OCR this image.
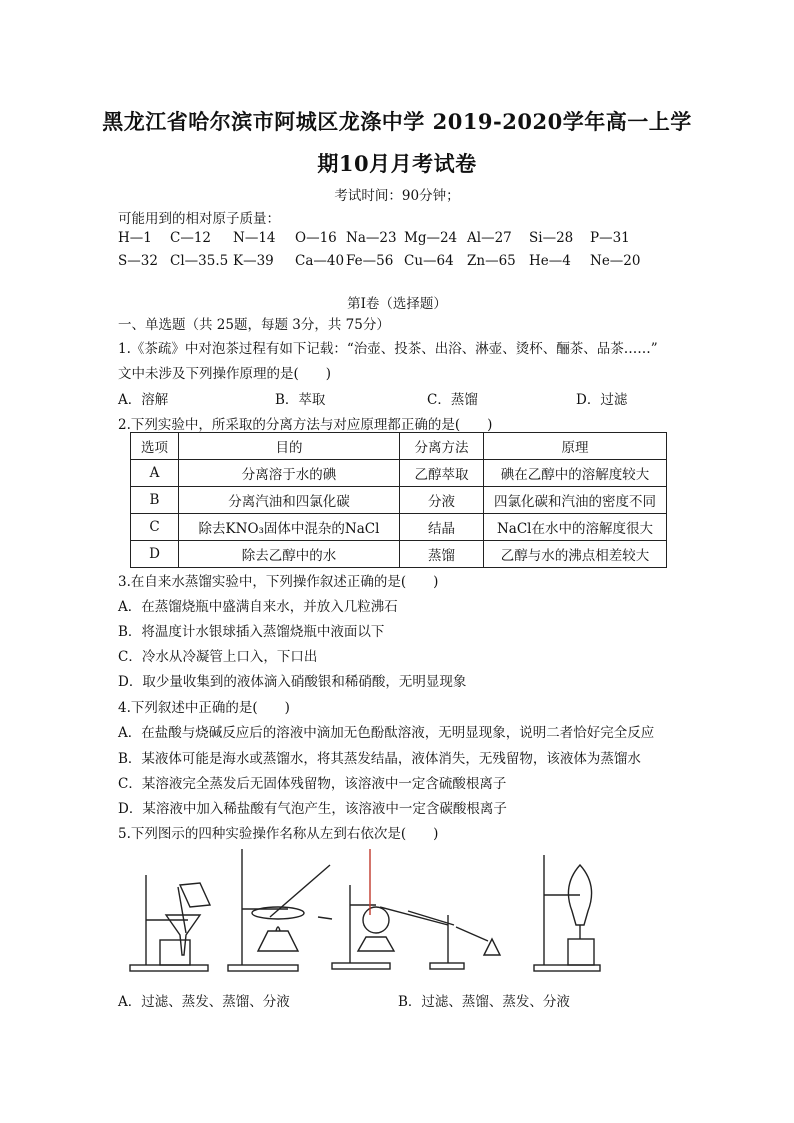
黑龙江省哈尔滨市阿城区龙涤中学 2019-2020学年高一上学
期10月月考试卷
考试时间：90分钟；
可能用到的相对原子质量：
H—1 C—12 N—14 O—16 Na—23 Mg—24 Al—27 Si—28 P—31
S—32 Cl—35.5 K—39 Ca—40 Fe—56 Cu—64 Zn—65 He—4 Ne—20
第Ⅰ卷（选择题）
一、单选题（共 25题，每题 3分，共 75分）
1.《茶疏》中对泡茶过程有如下记载：“治壶、投茶、出浴、淋壶、烫杯、酾茶、品茶……”
文中未涉及下列操作原理的是(　　)
A．溶解	B．萃取	C．蒸馏	D．过滤
2.下列实验中，所采取的分离方法与对应原理都正确的是(　　)
选项	目的	分离方法	原理
A	分离溶于水的碘	乙醇萃取	碘在乙醇中的溶解度较大
B	分离汽油和四氯化碳	分液	四氯化碳和汽油的密度不同
C	除去KNO₃固体中混杂的NaCl	结晶	NaCl在水中的溶解度很大
D	除去乙醇中的水	蒸馏	乙醇与水的沸点相差较大
3.在自来水蒸馏实验中，下列操作叙述正确的是(　　)
A．在蒸馏烧瓶中盛满自来水，并放入几粒沸石
B．将温度计水银球插入蒸馏烧瓶中液面以下
C．冷水从冷凝管上口入，下口出
D．取少量收集到的液体滴入硝酸银和稀硝酸，无明显现象
4.下列叙述中正确的是(　　)
A．在盐酸与烧碱反应后的溶液中滴加无色酚酞溶液，无明显现象，说明二者恰好完全反应
B．某液体可能是海水或蒸馏水，将其蒸发结晶，液体消失，无残留物，该液体为蒸馏水
C．某溶液完全蒸发后无固体残留物，该溶液中一定含硫酸根离子
D．某溶液中加入稀盐酸有气泡产生，该溶液中一定含碳酸根离子
5.下列图示的四种实验操作名称从左到右依次是(　　)
A．过滤、蒸发、蒸馏、分液	B．过滤、蒸馏、蒸发、分液
